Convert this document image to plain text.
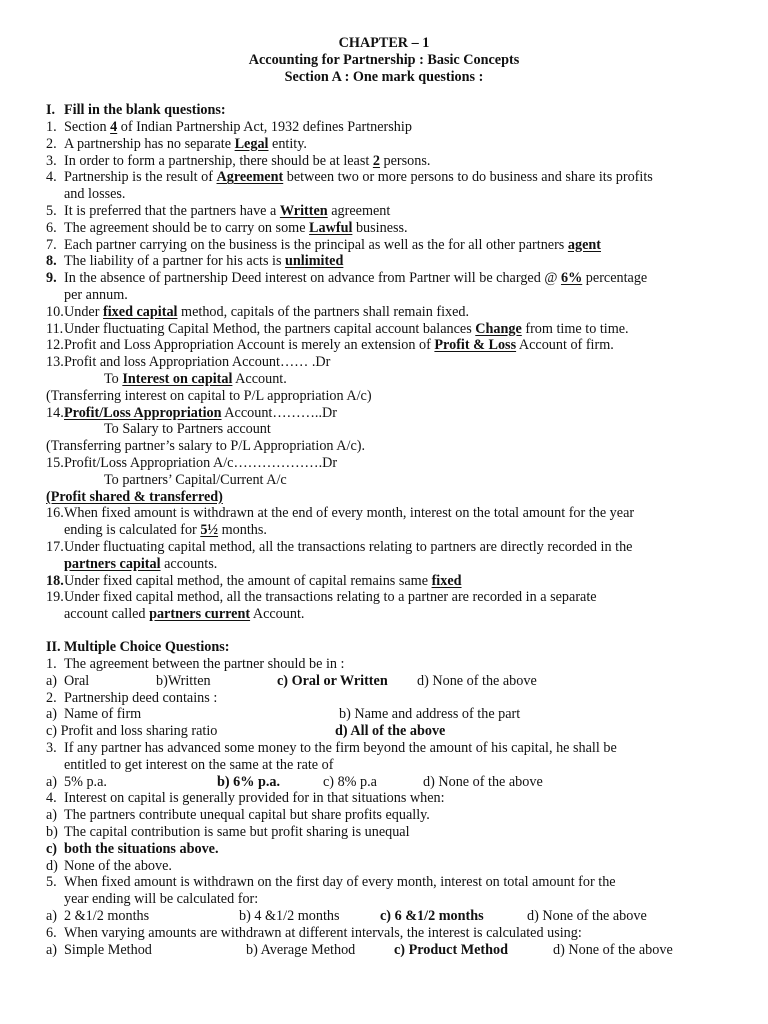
CHAPTER – 1
Accounting for Partnership : Basic Concepts
Section A : One mark questions :
I. Fill in the blank questions:
1. Section 4 of Indian Partnership Act, 1932 defines Partnership
2. A partnership has no separate Legal entity.
3. In order to form a partnership, there should be at least 2 persons.
4. Partnership is the result of Agreement between two or more persons to do business and share its profits
and losses.
5. It is preferred that the partners have a Written agreement
6. The agreement should be to carry on some Lawful business.
7. Each partner carrying on the business is the principal as well as the for all other partners agent
8. The liability of a partner for his acts is unlimited
9. In the absence of partnership Deed interest on advance from Partner will be charged @ 6% percentage
per annum.
10. Under fixed capital method, capitals of the partners shall remain fixed.
11. Under fluctuating Capital Method, the partners capital account balances Change from time to time.
12. Profit and Loss Appropriation Account is merely an extension of Profit & Loss Account of firm.
13. Profit and loss Appropriation Account…… .Dr
To Interest on capital Account.
(Transferring interest on capital to P/L appropriation A/c)
14. Profit/Loss Appropriation Account………..Dr
To Salary to Partners account
(Transferring partner’s salary to P/L Appropriation A/c).
15. Profit/Loss Appropriation A/c……………….Dr
To partners’ Capital/Current A/c
(Profit shared & transferred)
16. When fixed amount is withdrawn at the end of every month, interest on the total amount for the year
ending is calculated for 5½ months.
17. Under fluctuating capital method, all the transactions relating to partners are directly recorded in the
partners capital accounts.
18. Under fixed capital method, the amount of capital remains same fixed
19. Under fixed capital method, all the transactions relating to a partner are recorded in a separate
account called partners current Account.
II. Multiple Choice Questions:
1. The agreement between the partner should be in :
a) Oral	b)Written	c) Oral or Written d) None of the above
2. Partnership deed contains :
a) Name of firm	b) Name and address of the part
c) Profit and loss sharing ratio	d) All of the above
3. If any partner has advanced some money to the firm beyond the amount of his capital, he shall be
entitled to get interest on the same at the rate of
a) 5% p.a.	b) 6% p.a.	c) 8% p.a	d) None of the above
4. Interest on capital is generally provided for in that situations when:
a) The partners contribute unequal capital but share profits equally.
b) The capital contribution is same but profit sharing is unequal
c) both the situations above.
d) None of the above.
5. When fixed amount is withdrawn on the first day of every month, interest on total amount for the
year ending will be calculated for:
a) 2 &1/2 months	b) 4 &1/2 months	c) 6 &1/2 months	d) None of the above
6. When varying amounts are withdrawn at different intervals, the interest is calculated using:
a) Simple Method	b) Average Method	c) Product Method	d) None of the above
